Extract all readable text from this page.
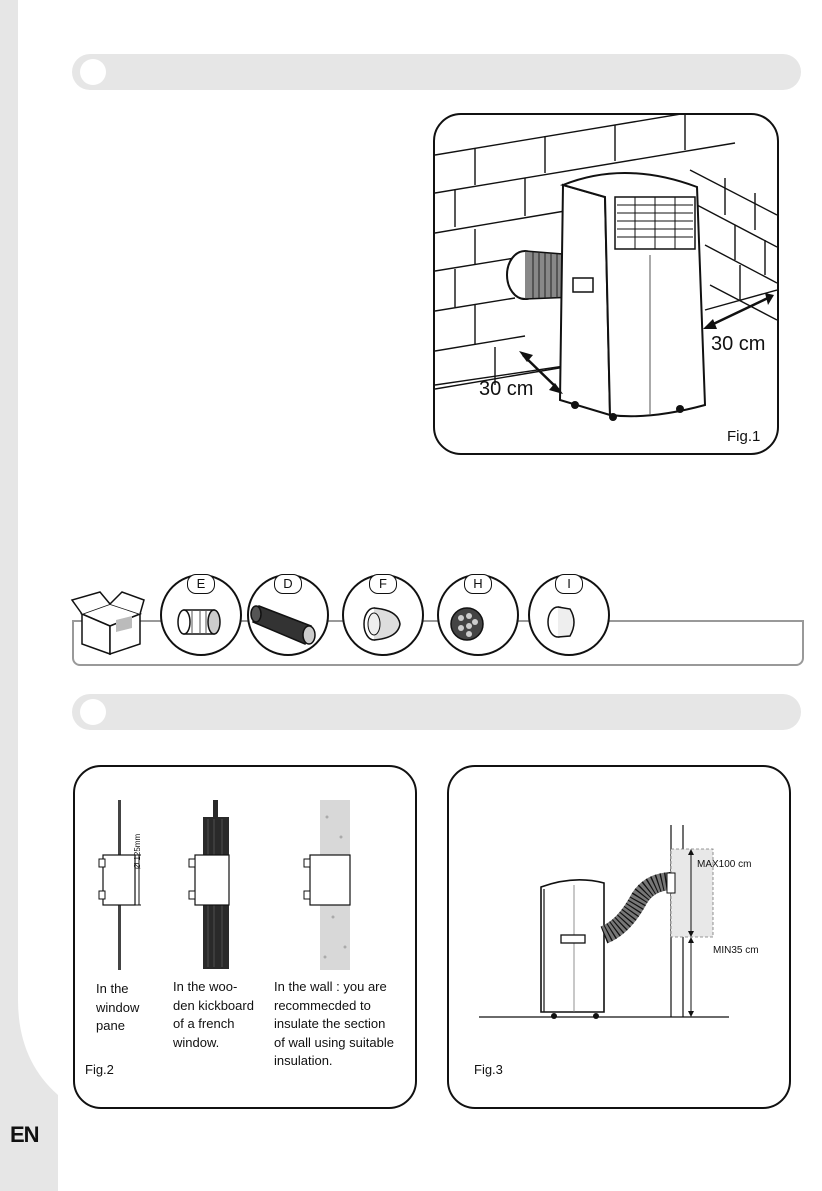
EN
30 cm
30 cm
Fig.1
E	D	F	H	I
Ø 125mm
In the
window
pane
In the woo-
den kickboard
of a french
window.
In the wall : you are
recommecded to
insulate the section
of wall using suitable
insulation.
Fig.2
MAX100 cm
MIN35 cm
Fig.3
